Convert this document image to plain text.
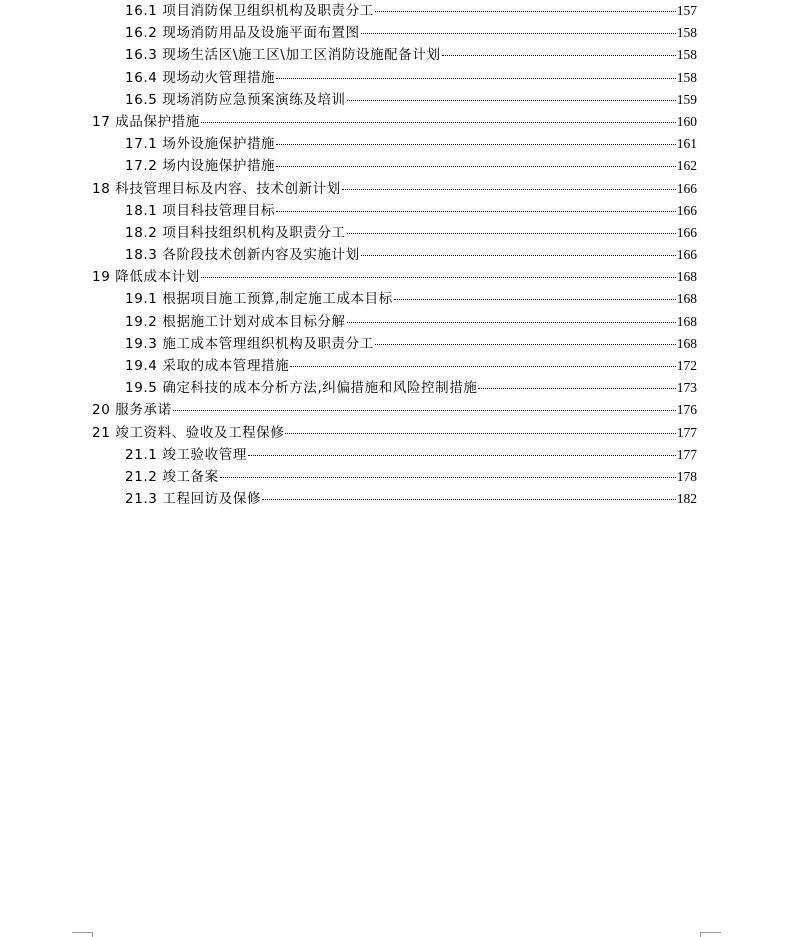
16.1 项目消防保卫组织机构及职责分工	157
16.2 现场消防用品及设施平面布置图	158
16.3 现场生活区\施工区\加工区消防设施配备计划	158
16.4 现场动火管理措施	158
16.5 现场消防应急预案演练及培训	159
17 成品保护措施	160
17.1 场外设施保护措施	161
17.2 场内设施保护措施	162
18 科技管理目标及内容、技术创新计划	166
18.1 项目科技管理目标	166
18.2 项目科技组织机构及职责分工	166
18.3 各阶段技术创新内容及实施计划	166
19 降低成本计划	168
19.1 根据项目施工预算,制定施工成本目标	168
19.2 根据施工计划对成本目标分解	168
19.3 施工成本管理组织机构及职责分工	168
19.4 采取的成本管理措施	172
19.5 确定科技的成本分析方法,纠偏措施和风险控制措施	173
20 服务承诺	176
21 竣工资料、验收及工程保修	177
21.1 竣工验收管理	177
21.2 竣工备案	178
21.3 工程回访及保修	182
